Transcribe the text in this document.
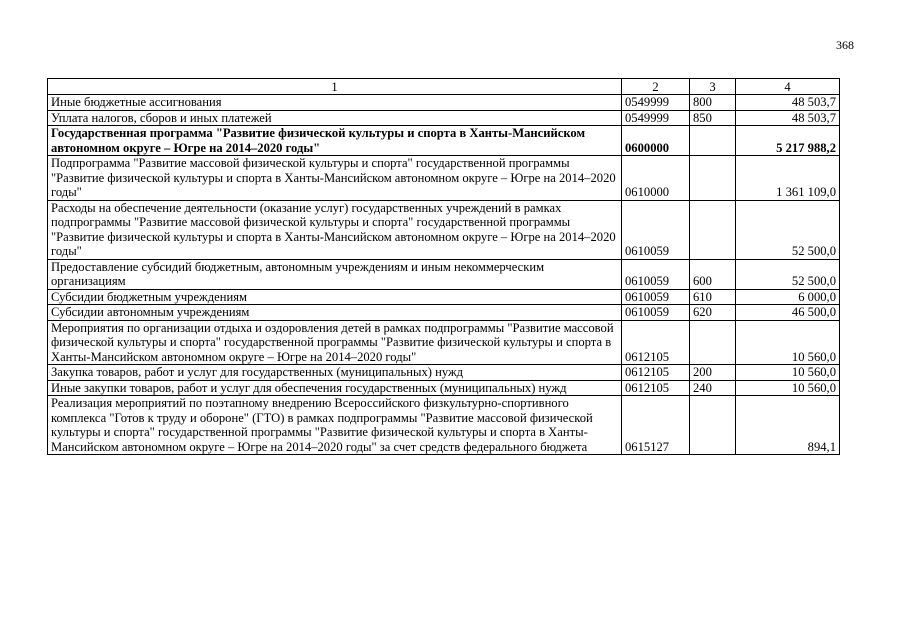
368
1	2	3	4
Иные бюджетные ассигнования	0549999	800	48 503,7
Уплата налогов, сборов и иных платежей	0549999	850	48 503,7
Государственная программа "Развитие физической культуры и спорта в Ханты-Мансийском автономном округе – Югре на 2014–2020 годы"	0600000		5 217 988,2
Подпрограмма "Развитие массовой физической культуры и спорта" государственной программы "Развитие физической культуры и спорта в Ханты-Мансийском автономном округе – Югре на 2014–2020 годы"	0610000		1 361 109,0
Расходы на обеспечение деятельности (оказание услуг) государственных учреждений в рамках подпрограммы "Развитие массовой физической культуры и спорта" государственной программы "Развитие физической культуры и спорта в Ханты-Мансийском автономном округе – Югре на 2014–2020 годы"	0610059		52 500,0
Предоставление субсидий бюджетным, автономным учреждениям и иным некоммерческим организациям	0610059	600	52 500,0
Субсидии бюджетным учреждениям	0610059	610	6 000,0
Субсидии автономным учреждениям	0610059	620	46 500,0
Мероприятия по организации отдыха и оздоровления детей в рамках подпрограммы "Развитие массовой физической культуры и спорта" государственной программы "Развитие физической культуры и спорта в Ханты-Мансийском автономном округе – Югре на 2014–2020 годы"	0612105		10 560,0
Закупка товаров, работ и услуг для государственных (муниципальных) нужд	0612105	200	10 560,0
Иные закупки товаров, работ и услуг для обеспечения государственных (муниципальных) нужд	0612105	240	10 560,0
Реализация мероприятий по поэтапному внедрению Всероссийского физкультурно-спортивного комплекса "Готов к труду и обороне" (ГТО) в рамках подпрограммы "Развитие массовой физической культуры и спорта" государственной программы "Развитие физической культуры и спорта в Ханты-Мансийском автономном округе – Югре на 2014–2020 годы" за счет средств федерального бюджета	0615127		894,1
